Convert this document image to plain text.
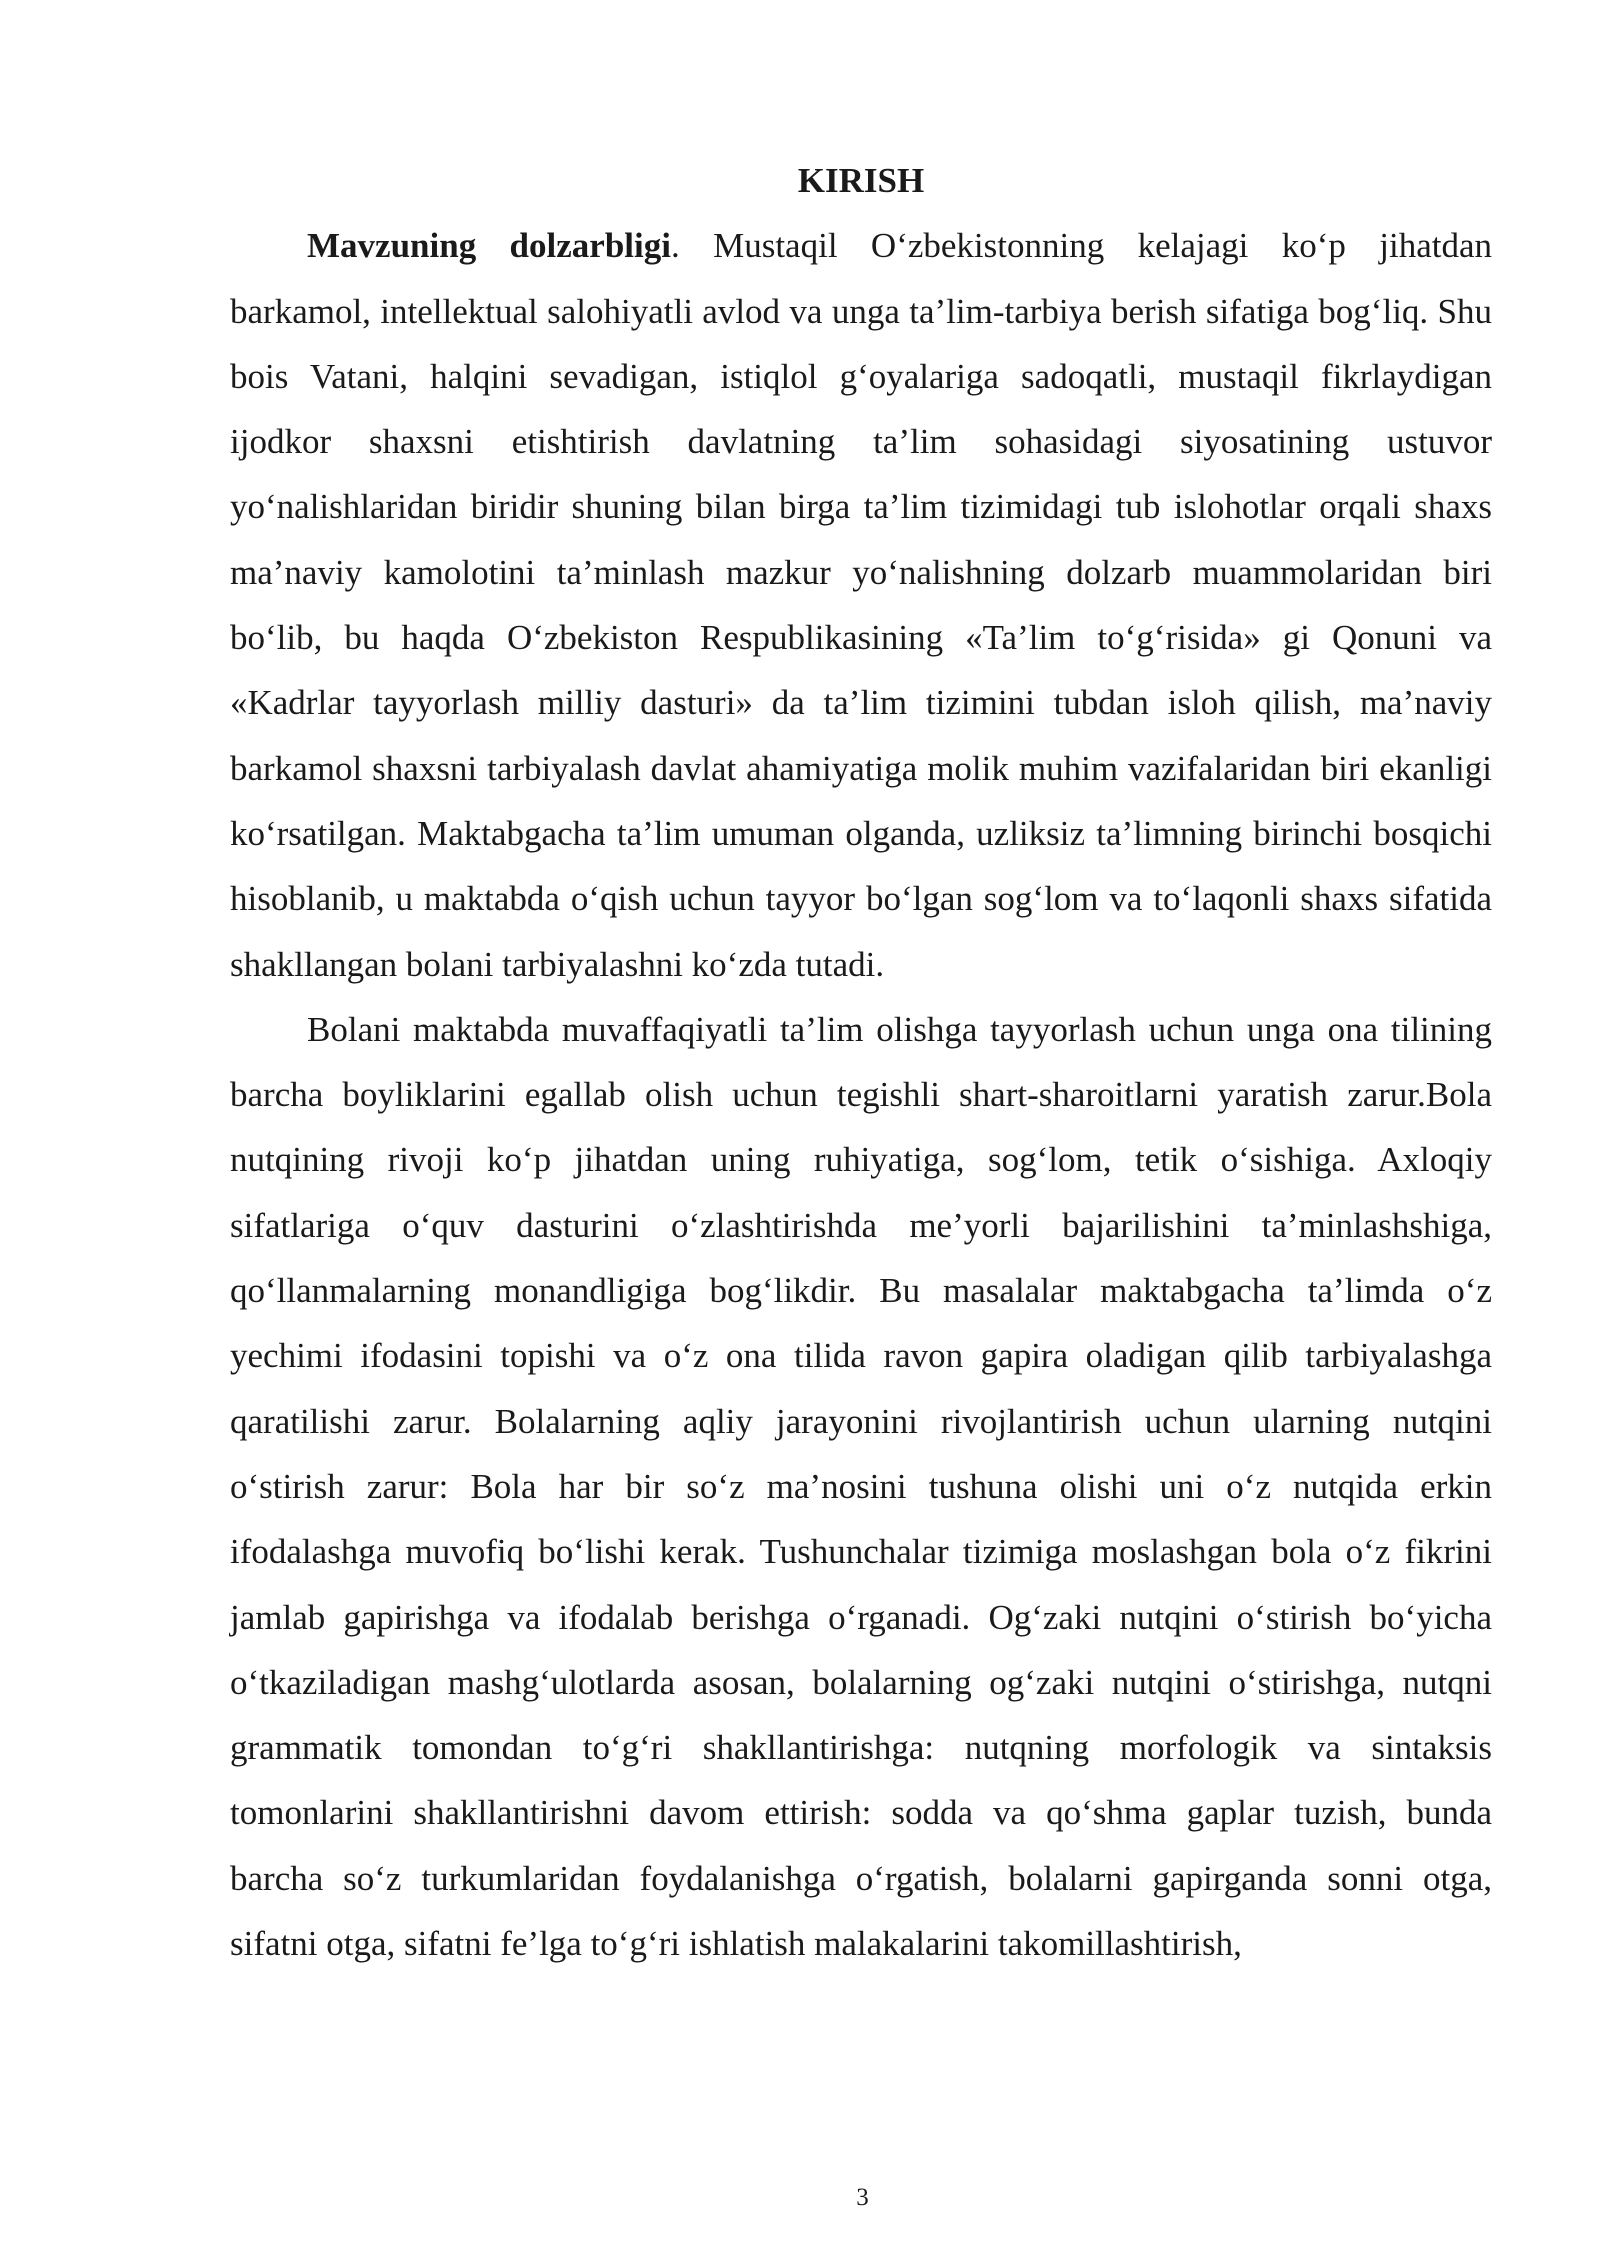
KIRISH

Mavzuning dolzarbligi. Mustaqil O‘zbekistonning kelajagi ko‘p jihatdan barkamol, intellektual salohiyatli avlod va unga ta’lim-tarbiya berish sifatiga bog‘liq. Shu bois Vatani, halqini sevadigan, istiqlol g‘oyalariga sadoqatli, mustaqil fikrlaydigan ijodkor shaxsni etishtirish davlatning ta’lim sohasidagi siyosatining ustuvor yo‘nalishlaridan biridir shuning bilan birga ta’lim tizimidagi tub islohotlar orqali shaxs ma’naviy kamolotini ta’minlash mazkur yo‘nalishning dolzarb muammolaridan biri bo‘lib, bu haqda O‘zbekiston Respublikasining «Ta’lim to‘g‘risida» gi Qonuni va «Kadrlar tayyorlash milliy dasturi» da ta’lim tizimini tubdan isloh qilish, ma’naviy barkamol shaxsni tarbiyalash davlat ahamiyatiga molik muhim vazifalaridan biri ekanligi ko‘rsatilgan. Maktabgacha ta’lim umuman olganda, uzliksiz ta’limning birinchi bosqichi hisoblanib, u maktabda o‘qish uchun tayyor bo‘lgan sog‘lom va to‘laqonli shaxs sifatida shakllangan bolani tarbiyalashni ko‘zda tutadi.

Bolani maktabda muvaffaqiyatli ta’lim olishga tayyorlash uchun unga ona tilining barcha boyliklarini egallab olish uchun tegishli shart-sharoitlarni yaratish zarur.Bola nutqining rivoji ko‘p jihatdan uning ruhiyatiga, sog‘lom, tetik o‘sishiga. Axloqiy sifatlariga o‘quv dasturini o‘zlashtirishda me’yorli bajarilishini ta’minlashshiga, qo‘llanmalarning monandligiga bog‘likdir. Bu masalalar maktabgacha ta’limda o‘z yechimi ifodasini topishi va o‘z ona tilida ravon gapira oladigan qilib tarbiyalashga qaratilishi zarur. Bolalarning aqliy jarayonini rivojlantirish uchun ularning nutqini o‘stirish zarur: Bola har bir so‘z ma’nosini tushuna olishi uni o‘z nutqida erkin ifodalashga muvofiq bo‘lishi kerak. Tushunchalar tizimiga moslashgan bola o‘z fikrini jamlab gapirishga va ifodalab berishga o‘rganadi. Og‘zaki nutqini o‘stirish bo‘yicha o‘tkaziladigan mashg‘ulotlarda asosan, bolalarning og‘zaki nutqini o‘stirishga, nutqni grammatik tomondan to‘g‘ri shakllantirishga: nutqning morfologik va sintaksis tomonlarini shakllantirishni davom ettirish: sodda va qo‘shma gaplar tuzish, bunda barcha so‘z turkumlaridan foydalanishga o‘rgatish, bolalarni gapirganda sonni otga, sifatni otga, sifatni fe’lga to‘g‘ri ishlatish malakalarini takomillashtirish,

3
